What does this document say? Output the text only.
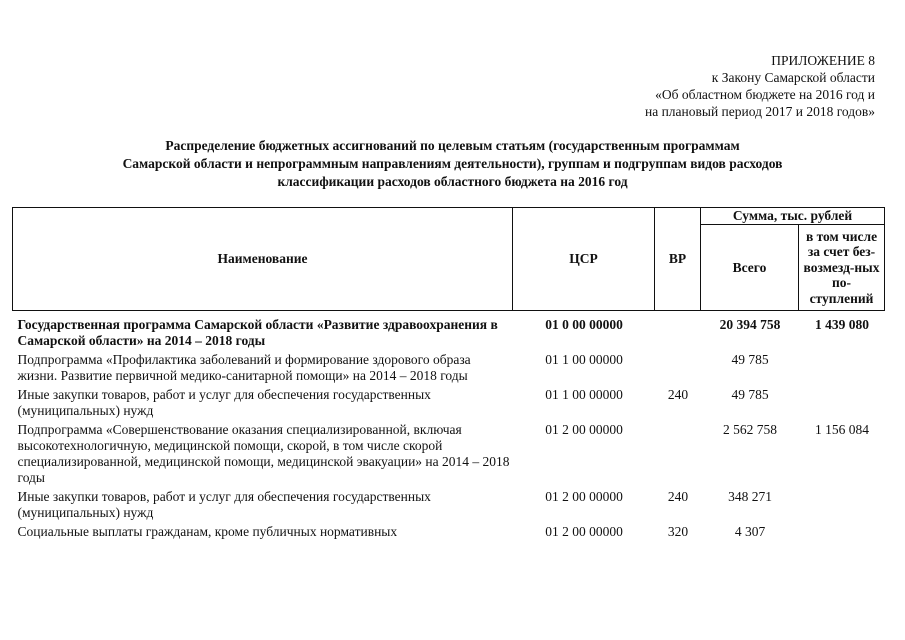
ПРИЛОЖЕНИЕ 8
к Закону Самарской области
«Об областном бюджете на 2016 год и
на плановый период 2017 и 2018 годов»
Распределение бюджетных ассигнований по целевым статьям (государственным программам
Самарской области и непрограммным направлениям деятельности), группам и подгруппам видов расходов
классификации расходов областного бюджета на 2016 год
Наименование	ЦСР	ВР	Сумма, тыс. рублей	
			Всего	в том числе за счет без-возмезд-ных по-ступлений
Государственная программа Самарской области «Развитие здравоохранения в Самарской области» на 2014 – 2018 годы	01 0 00 00000		20 394 758	1 439 080
Подпрограмма «Профилактика заболеваний и формирование здорового образа жизни. Развитие первичной медико-санитарной помощи» на 2014 – 2018 годы	01 1 00 00000		49 785	
Иные закупки товаров, работ и услуг для обеспечения государственных (муниципальных) нужд	01 1 00 00000	240	49 785	
Подпрограмма «Совершенствование оказания специализированной, включая высокотехнологичную, медицинской помощи, скорой, в том числе скорой специализированной, медицинской помощи, медицинской эвакуации» на 2014 – 2018 годы	01 2 00 00000		2 562 758	1 156 084
Иные закупки товаров, работ и услуг для обеспечения государственных (муниципальных) нужд	01 2 00 00000	240	348 271	
Социальные выплаты гражданам, кроме публичных нормативных	01 2 00 00000	320	4 307	
